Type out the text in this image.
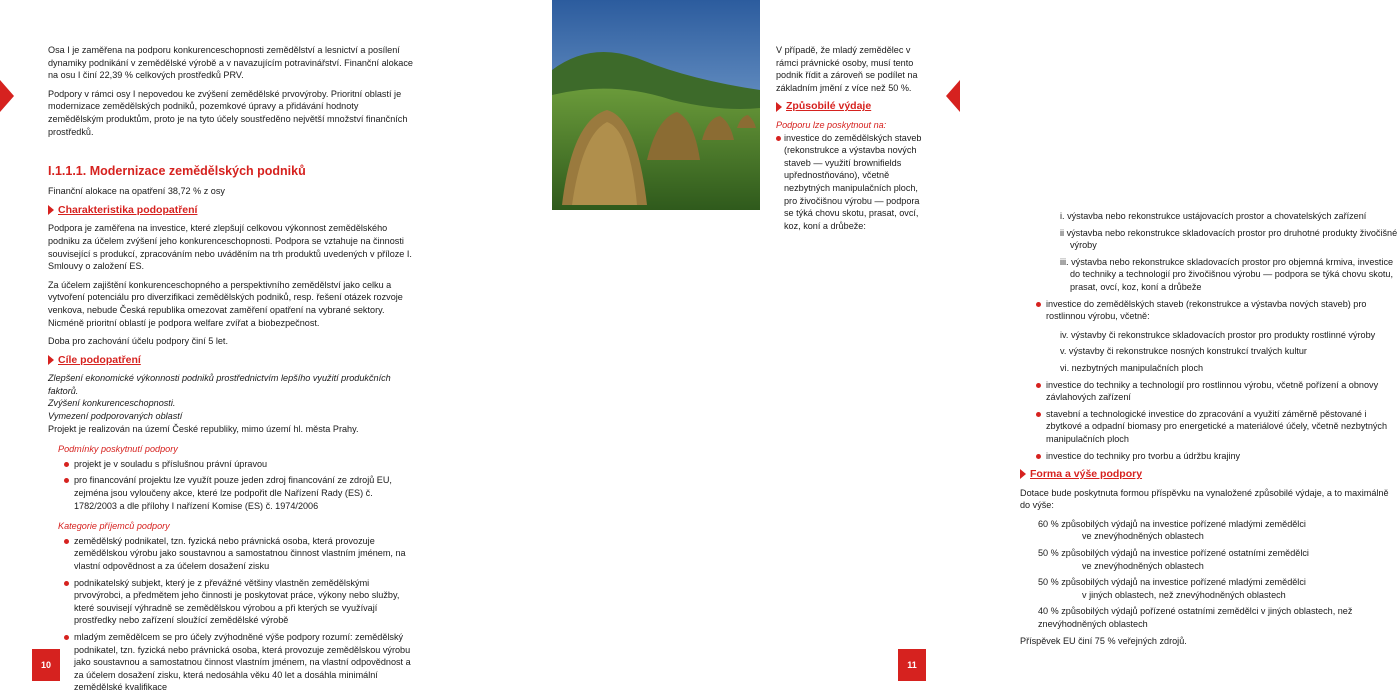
Osa I je zaměřena na podporu konkurenceschopnosti zemědělství a lesnictví a posílení dynamiky podnikání v zemědělské výrobě a v navazujícím potravinářství. Finanční alokace na osu I činí 22,39 % celkových prostředků PRV.

Podpory v rámci osy I nepovedou ke zvýšení zemědělské prvovýroby. Prioritní oblastí je modernizace zemědělských podniků, pozemkové úpravy a přidávání hodnoty zemědělským produktům, proto je na tyto účely soustředěno největší množství finančních prostředků.

I.1.1.1. Modernizace zemědělských podniků

Finanční alokace na opatření 38,72 % z osy

Charakteristika podopatření

Podpora je zaměřena na investice, které zlepšují celkovou výkonnost zemědělského podniku za účelem zvýšení jeho konkurenceschopnosti. Podpora se vztahuje na činnosti související s produkcí, zpracováním nebo uváděním na trh produktů uvedených v příloze I. Smlouvy o založení ES.

Za účelem zajištění konkurenceschopného a perspektivního zemědělství jako celku a vytvoření potenciálu pro diverzifikaci zemědělských podniků, resp. řešení otázek rozvoje venkova, nebude Česká republika omezovat zaměření opatření na vybrané sektory. Nicméně prioritní oblastí je podpora welfare zvířat a biobezpečnost.

Doba pro zachování účelu podpory činí 5 let.

Cíle podopatření
Zlepšení ekonomické výkonnosti podniků prostřednictvím lepšího využití produkčních faktorů.
Zvýšení konkurenceschopnosti.
Vymezení podporovaných oblastí

Projekt je realizován na území České republiky, mimo území hl. města Prahy.

Podmínky poskytnutí podpory
projekt je v souladu s příslušnou právní úpravou
pro financování projektu lze využít pouze jeden zdroj financování ze zdrojů EU, zejména jsou vyloučeny akce, které lze podpořit dle Nařízení Rady (ES) č. 1782/2003 a dle přílohy I nařízení Komise (ES) č. 1974/2006
Kategorie příjemců podpory
zemědělský podnikatel, tzn. fyzická nebo právnická osoba, která provozuje zemědělskou výrobu jako soustavnou a samostatnou činnost vlastním jménem, na vlastní odpovědnost a za účelem dosažení zisku
podnikatelský subjekt, který je z převážné většiny vlastněn zemědělskými prvovýrobci, a předmětem jeho činnosti je poskytovat práce, výkony nebo služby, které souvisejí výhradně se zemědělskou výrobou a při kterých se využívají prostředky nebo zařízení sloužící zemědělské výrobě
mladým zemědělcem se pro účely zvýhodněné výše podpory rozumí: zemědělský podnikatel, tzn. fyzická nebo právnická osoba, která provozuje zemědělskou výrobu jako soustavnou a samostatnou činnost vlastním jménem, na vlastní odpovědnost a za účelem dosažení zisku, která nedosáhla věku 40 let a dosáhla minimální zemědělské kvalifikace
10

V případě, že mladý zemědělec v rámci právnické osoby, musí tento podnik řídit a zároveň se podílet na základním jmění z více než 50 %.

Způsobilé výdaje
Podporu lze poskytnout na:
investice do zemědělských staveb (rekonstrukce a výstavba nových staveb — využití brownifields upřednostňováno), včetně nezbytných manipulačních ploch, pro živočišnou výrobu — podpora se týká chovu skotu, prasat, ovcí, koz, koní a drůbeže:
i. výstavba nebo rekonstrukce ustájovacích prostor a chovatelských zařízení
ii výstavba nebo rekonstrukce skladovacích prostor pro druhotné produkty živočišné výroby
iii. výstavba nebo rekonstrukce skladovacích prostor pro objemná krmiva, investice do techniky a technologií pro živočišnou výrobu — podpora se týká chovu skotu, prasat, ovcí, koz, koní a drůbeže
investice do zemědělských staveb (rekonstrukce a výstavba nových staveb) pro rostlinnou výrobu, včetně:
iv. výstavby či rekonstrukce skladovacích prostor pro produkty rostlinné výroby
v. výstavby či rekonstrukce nosných konstrukcí trvalých kultur
vi. nezbytných manipulačních ploch
investice do techniky a technologií pro rostlinnou výrobu, včetně pořízení a obnovy závlahových zařízení
stavební a technologické investice do zpracování a využití záměrně pěstované i zbytkové a odpadní biomasy pro energetické a materiálové účely, včetně nezbytných manipulačních ploch
investice do techniky pro tvorbu a údržbu krajiny
Forma a výše podpory

Dotace bude poskytnuta formou příspěvku na vynaložené způsobilé výdaje, a to maximálně do výše:

60 % způsobilých výdajů na investice pořízené mladými zemědělci
ve znevýhodněných oblastech
50 % způsobilých výdajů na investice pořízené ostatními zemědělci
ve znevýhodněných oblastech
50 % způsobilých výdajů na investice pořízené mladými zemědělci
v jiných oblastech, než znevýhodněných oblastech
40 % způsobilých výdajů pořízené ostatními zemědělci v jiných oblastech, než znevýhodněných oblastech

Příspěvek EU činí 75 % veřejných zdrojů.

11
